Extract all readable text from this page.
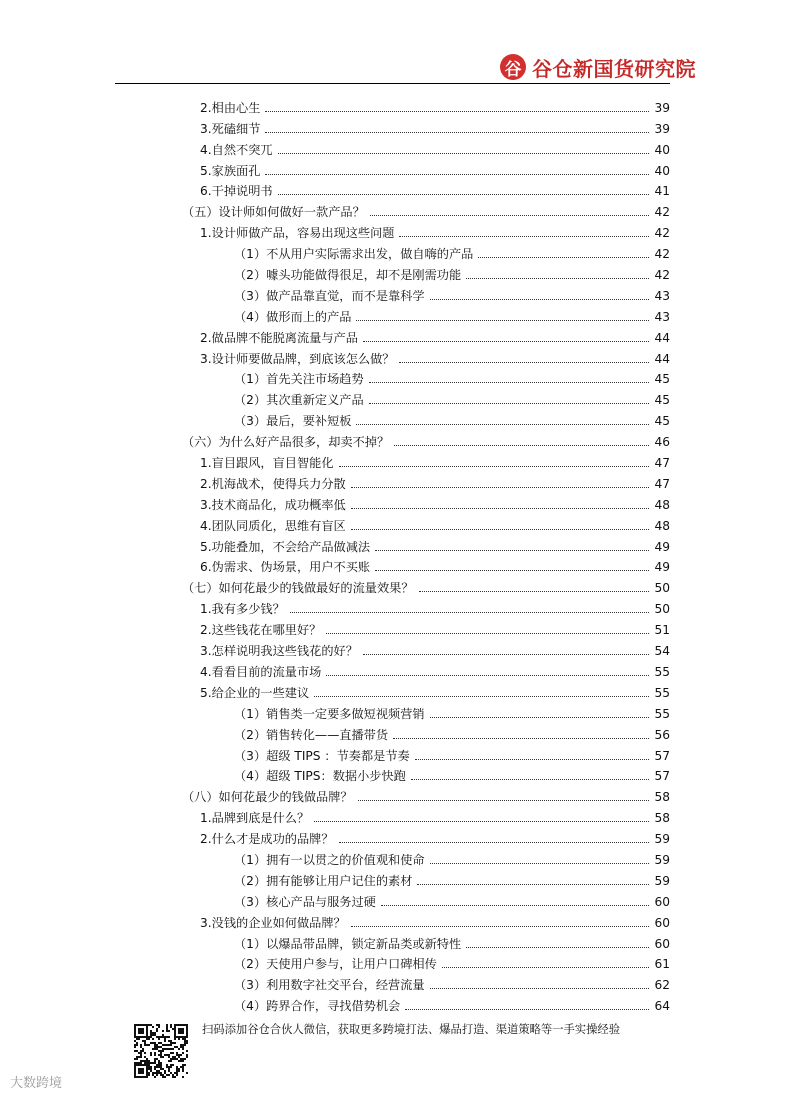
谷 谷仓新国货研究院
2.相由心生	39
3.死磕细节	39
4.自然不突兀	40
5.家族面孔	40
6.干掉说明书	41
（五）设计师如何做好一款产品？	42
1.设计师做产品，容易出现这些问题	42
（1）不从用户实际需求出发，做自嗨的产品	42
（2）噱头功能做得很足，却不是刚需功能	42
（3）做产品靠直觉，而不是靠科学	43
（4）做形而上的产品	43
2.做品牌不能脱离流量与产品	44
3.设计师要做品牌，到底该怎么做？	44
（1）首先关注市场趋势	45
（2）其次重新定义产品	45
（3）最后，要补短板	45
（六）为什么好产品很多，却卖不掉？	46
1.盲目跟风，盲目智能化	47
2.机海战术，使得兵力分散	47
3.技术商品化，成功概率低	48
4.团队同质化，思维有盲区	48
5.功能叠加，不会给产品做减法	49
6.伪需求、伪场景，用户不买账	49
（七）如何花最少的钱做最好的流量效果？	50
1.我有多少钱？	50
2.这些钱花在哪里好？	51
3.怎样说明我这些钱花的好？	54
4.看看目前的流量市场	55
5.给企业的一些建议	55
（1）销售类一定要多做短视频营销	55
（2）销售转化——直播带货	56
（3）超级 TIPS ：节奏都是节奏	57
（4）超级 TIPS：数据小步快跑	57
（八）如何花最少的钱做品牌？	58
1.品牌到底是什么？	58
2.什么才是成功的品牌？	59
（1）拥有一以贯之的价值观和使命	59
（2）拥有能够让用户记住的素材	59
（3）核心产品与服务过硬	60
3.没钱的企业如何做品牌？	60
（1）以爆品带品牌，锁定新品类或新特性	60
（2）天使用户参与，让用户口碑相传	61
（3）利用数字社交平台，经营流量	62
（4）跨界合作，寻找借势机会	64
扫码添加谷仓合伙人微信，获取更多跨境打法、爆品打造、渠道策略等一手实操经验
大数跨境
